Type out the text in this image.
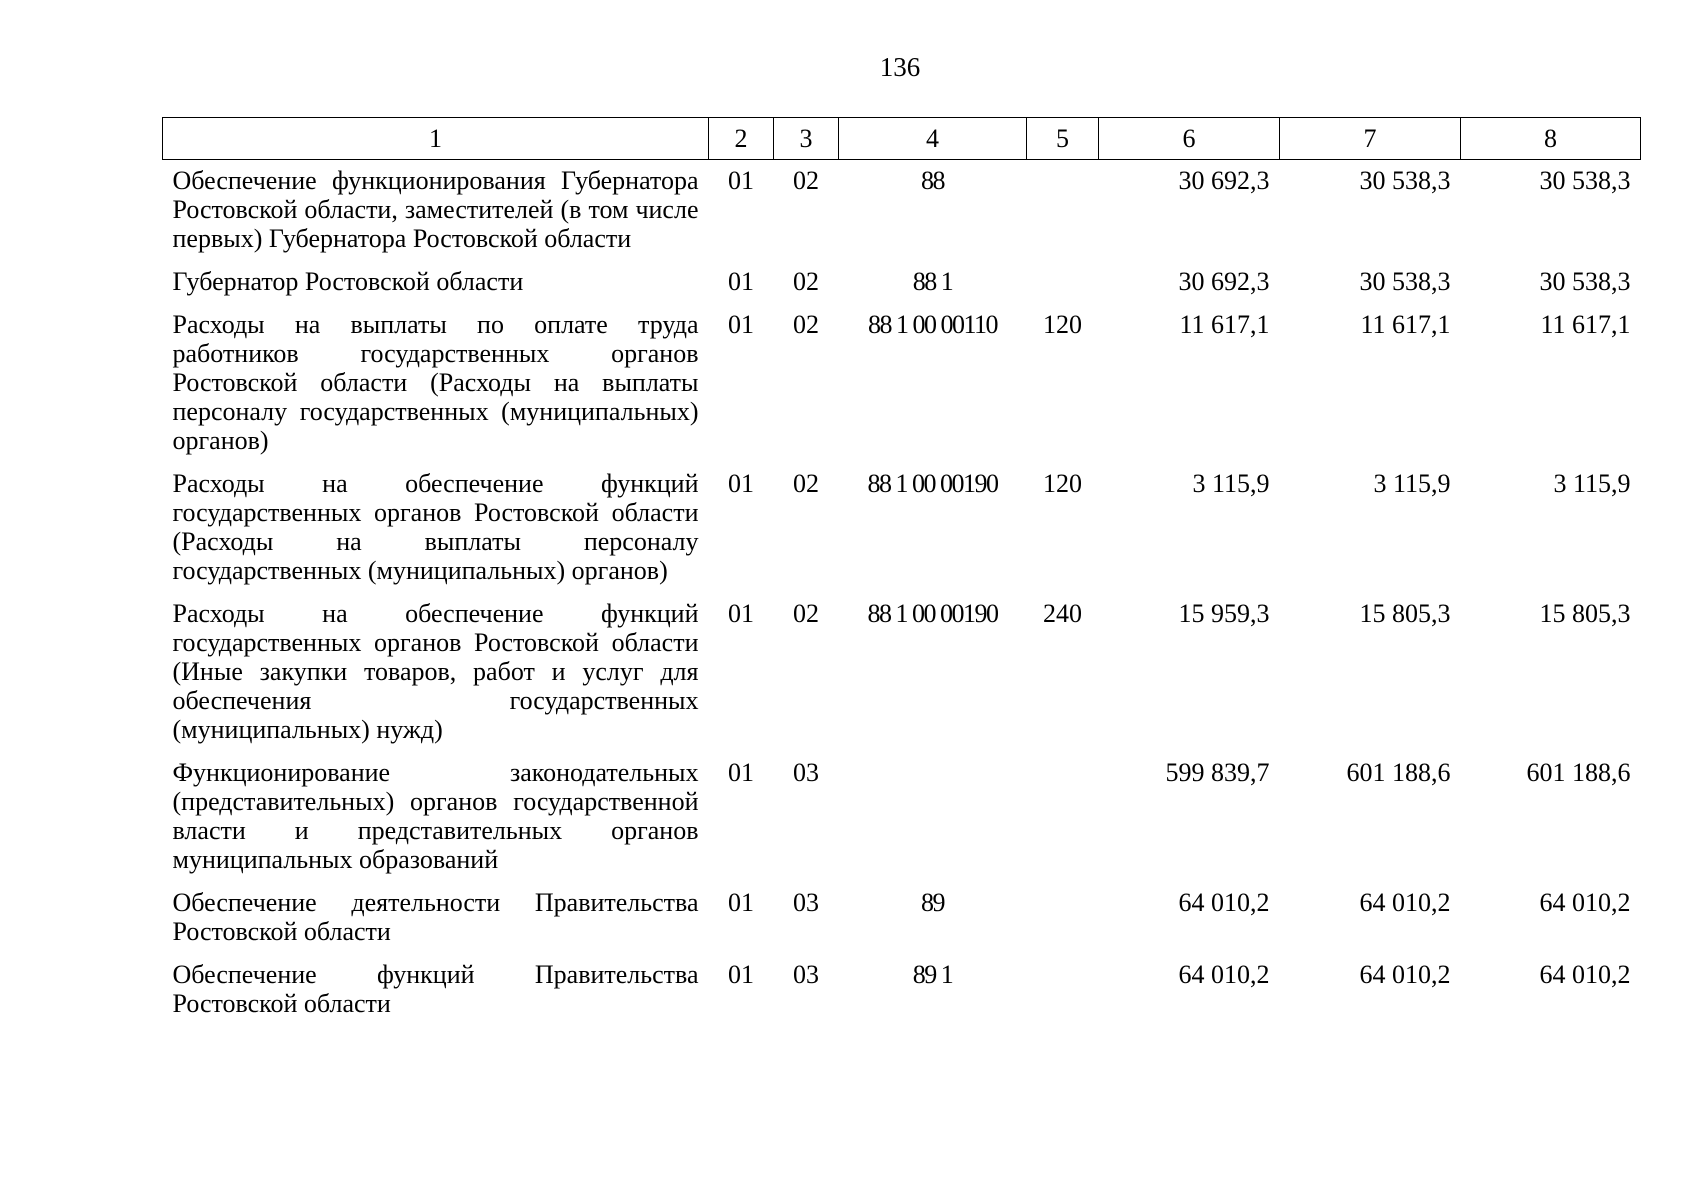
136
1	2	3	4	5	6	7	8
Обеспечение функционирования Губернатора Ростовской области, заместителей (в том числе первых) Губернатора Ростовской области	01	02	88		30 692,3	30 538,3	30 538,3
Губернатор Ростовской области	01	02	88 1		30 692,3	30 538,3	30 538,3
Расходы на выплаты по оплате труда работников государственных органов Ростовской области (Расходы на выплаты персоналу государственных (муниципальных) органов)	01	02	88 1 00 00110	120	11 617,1	11 617,1	11 617,1
Расходы на обеспечение функций государственных органов Ростовской области (Расходы на выплаты персоналу государственных (муниципальных) органов)	01	02	88 1 00 00190	120	3 115,9	3 115,9	3 115,9
Расходы на обеспечение функций государственных органов Ростовской области (Иные закупки товаров, работ и услуг для обеспечения государственных (муниципальных) нужд)	01	02	88 1 00 00190	240	15 959,3	15 805,3	15 805,3
Функционирование законодательных (представительных) органов государственной власти и представительных органов муниципальных образований	01	03			599 839,7	601 188,6	601 188,6
Обеспечение деятельности Правительства Ростовской области	01	03	89		64 010,2	64 010,2	64 010,2
Обеспечение функций Правительства Ростовской области	01	03	89 1		64 010,2	64 010,2	64 010,2
